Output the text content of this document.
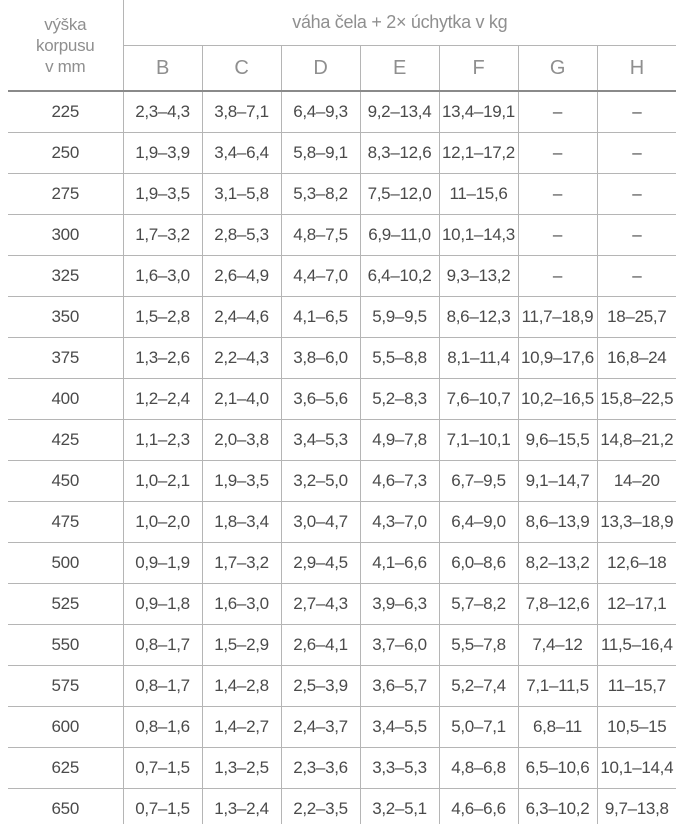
výška
korpusu
v mm	váha čela + 2× úchytka v kg						
	B	C	D	E	F	G	H
225	2,3–4,3	3,8–7,1	6,4–9,3	9,2–13,4	13,4–19,1	–	–
250	1,9–3,9	3,4–6,4	5,8–9,1	8,3–12,6	12,1–17,2	–	–
275	1,9–3,5	3,1–5,8	5,3–8,2	7,5–12,0	11–15,6	–	–
300	1,7–3,2	2,8–5,3	4,8–7,5	6,9–11,0	10,1–14,3	–	–
325	1,6–3,0	2,6–4,9	4,4–7,0	6,4–10,2	9,3–13,2	–	–
350	1,5–2,8	2,4–4,6	4,1–6,5	5,9–9,5	8,6–12,3	11,7–18,9	18–25,7
375	1,3–2,6	2,2–4,3	3,8–6,0	5,5–8,8	8,1–11,4	10,9–17,6	16,8–24
400	1,2–2,4	2,1–4,0	3,6–5,6	5,2–8,3	7,6–10,7	10,2–16,5	15,8–22,5
425	1,1–2,3	2,0–3,8	3,4–5,3	4,9–7,8	7,1–10,1	9,6–15,5	14,8–21,2
450	1,0–2,1	1,9–3,5	3,2–5,0	4,6–7,3	6,7–9,5	9,1–14,7	14–20
475	1,0–2,0	1,8–3,4	3,0–4,7	4,3–7,0	6,4–9,0	8,6–13,9	13,3–18,9
500	0,9–1,9	1,7–3,2	2,9–4,5	4,1–6,6	6,0–8,6	8,2–13,2	12,6–18
525	0,9–1,8	1,6–3,0	2,7–4,3	3,9–6,3	5,7–8,2	7,8–12,6	12–17,1
550	0,8–1,7	1,5–2,9	2,6–4,1	3,7–6,0	5,5–7,8	7,4–12	11,5–16,4
575	0,8–1,7	1,4–2,8	2,5–3,9	3,6–5,7	5,2–7,4	7,1–11,5	11–15,7
600	0,8–1,6	1,4–2,7	2,4–3,7	3,4–5,5	5,0–7,1	6,8–11	10,5–15
625	0,7–1,5	1,3–2,5	2,3–3,6	3,3–5,3	4,8–6,8	6,5–10,6	10,1–14,4
650	0,7–1,5	1,3–2,4	2,2–3,5	3,2–5,1	4,6–6,6	6,3–10,2	9,7–13,8
